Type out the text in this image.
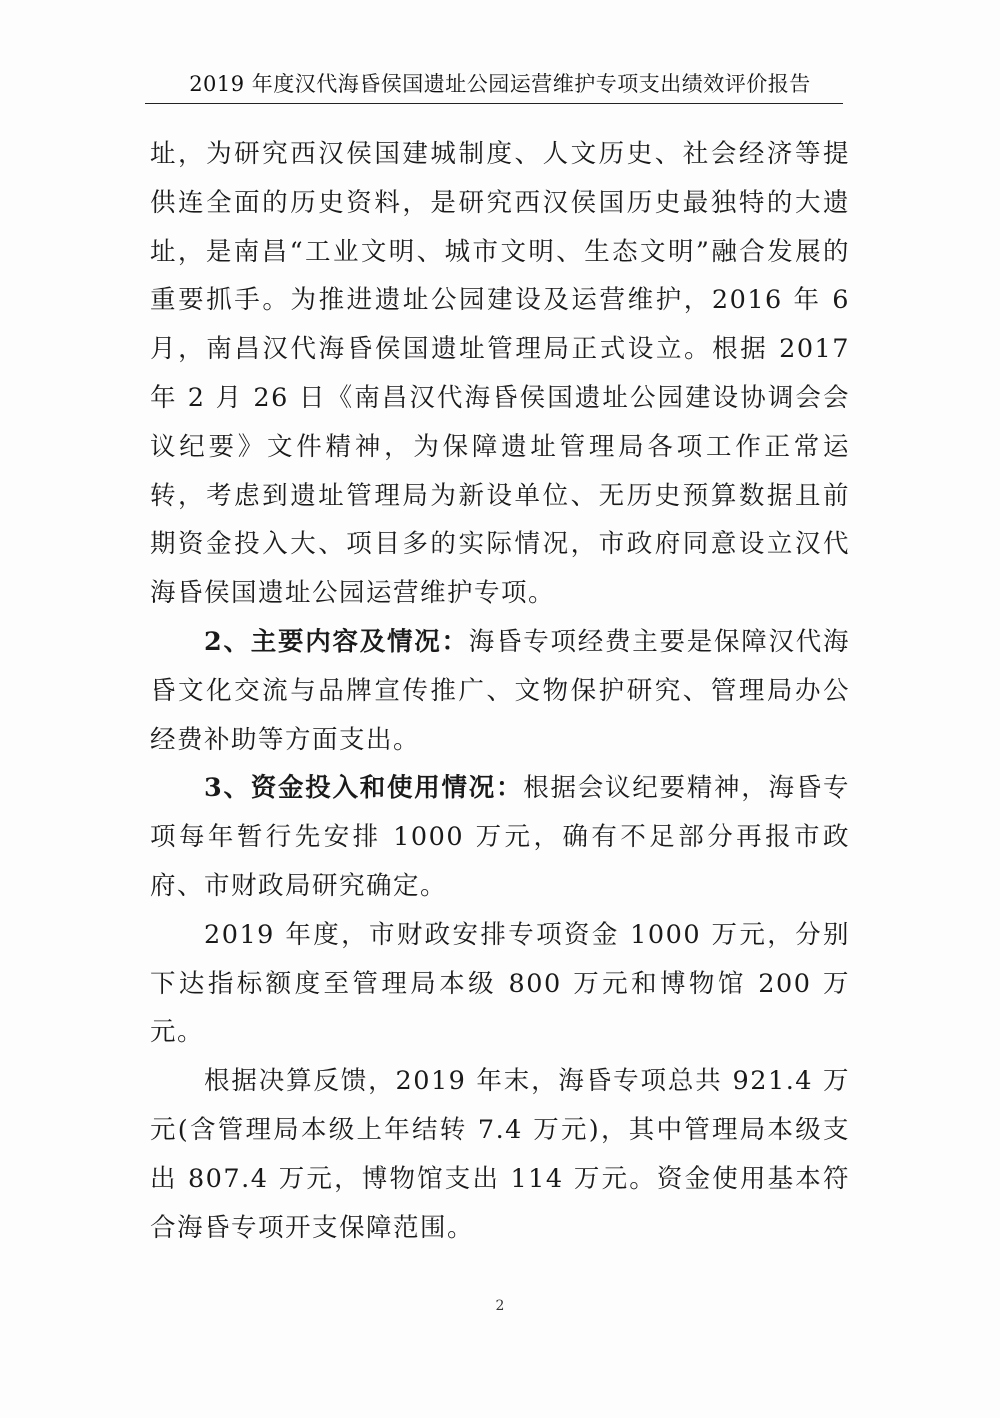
2019 年度汉代海昏侯国遗址公园运营维护专项支出绩效评价报告

址，为研究西汉侯国建城制度、人文历史、社会经济等提供连全面的历史资料，是研究西汉侯国历史最独特的大遗址，是南昌“工业文明、城市文明、生态文明”融合发展的重要抓手。为推进遗址公园建设及运营维护，2016 年 6 月，南昌汉代海昏侯国遗址管理局正式设立。根据 2017 年 2 月 26 日《南昌汉代海昏侯国遗址公园建设协调会会议纪要》文件精神，为保障遗址管理局各项工作正常运转，考虑到遗址管理局为新设单位、无历史预算数据且前期资金投入大、项目多的实际情况，市政府同意设立汉代海昏侯国遗址公园运营维护专项。

2、主要内容及情况：海昏专项经费主要是保障汉代海昏文化交流与品牌宣传推广、文物保护研究、管理局办公经费补助等方面支出。

3、资金投入和使用情况：根据会议纪要精神，海昏专项每年暂行先安排 1000 万元，确有不足部分再报市政府、市财政局研究确定。

2019 年度，市财政安排专项资金 1000 万元，分别下达指标额度至管理局本级 800 万元和博物馆 200 万元。

根据决算反馈，2019 年末，海昏专项总共 921.4 万元(含管理局本级上年结转 7.4 万元)，其中管理局本级支出 807.4 万元，博物馆支出 114 万元。资金使用基本符合海昏专项开支保障范围。

2
